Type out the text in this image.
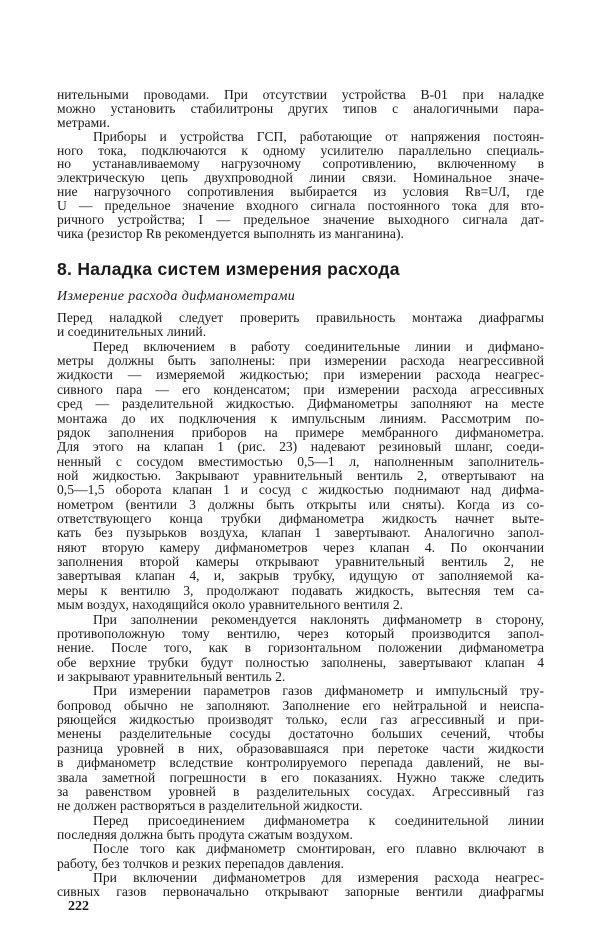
нительными проводами. При отсутствии устройства В-01 при наладке
можно установить стабилитроны других типов с аналогичными пара-
метрами.
Приборы и устройства ГСП, работающие от напряжения постоян-
ного тока, подключаются к одному усилителю параллельно специаль-
но устанавливаемому нагрузочному сопротивлению, включенному в
электрическую цепь двухпроводной линии связи. Номинальное значе-
ние нагрузочного сопротивления выбирается из условия Rв=U/I, где
U — предельное значение входного сигнала постоянного тока для вто-
ричного устройства; I — предельное значение выходного сигнала дат-
чика (резистор Rв рекомендуется выполнять из манганина).
8. Наладка систем измерения расхода
Измерение расхода дифманометрами
Перед наладкой следует проверить правильность монтажа диафрагмы
и соединительных линий.
Перед включением в работу соединительные линии и дифмано-
метры должны быть заполнены: при измерении расхода неагрессивной
жидкости — измеряемой жидкостью; при измерении расхода неагрес-
сивного пара — его конденсатом; при измерении расхода агрессивных
сред — разделительной жидкостью. Дифманометры заполняют на месте
монтажа до их подключения к импульсным линиям. Рассмотрим по-
рядок заполнения приборов на примере мембранного дифманометра.
Для этого на клапан 1 (рис. 23) надевают резиновый шланг, соеди-
ненный с сосудом вместимостью 0,5—1 л, наполненным заполнитель-
ной жидкостью. Закрывают уравнительный вентиль 2, отвертывают на
0,5—1,5 оборота клапан 1 и сосуд с жидкостью поднимают над дифма-
нометром (вентили 3 должны быть открыты или сняты). Когда из со-
ответствующего конца трубки дифманометра жидкость начнет выте-
кать без пузырьков воздуха, клапан 1 завертывают. Аналогично запол-
няют вторую камеру дифманометров через клапан 4. По окончании
заполнения второй камеры открывают уравнительный вентиль 2, не
завертывая клапан 4, и, закрыв трубку, идущую от заполняемой ка-
меры к вентилю 3, продолжают подавать жидкость, вытесняя тем са-
мым воздух, находящийся около уравнительного вентиля 2.
При заполнении рекомендуется наклонять дифманометр в сторону,
противоположную тому вентилю, через который производится запол-
нение. После того, как в горизонтальном положении дифманометра
обе верхние трубки будут полностью заполнены, завертывают клапан 4
и закрывают уравнительный вентиль 2.
При измерении параметров газов дифманометр и импульсный тру-
бопровод обычно не заполняют. Заполнение его нейтральной и неиспа-
ряющейся жидкостью производят только, если газ агрессивный и при-
менены разделительные сосуды достаточно больших сечений, чтобы
разница уровней в них, образовавшаяся при перетоке части жидкости
в дифманометр вследствие контролируемого перепада давлений, не вы-
звала заметной погрешности в его показаниях. Нужно также следить
за равенством уровней в разделительных сосудах. Агрессивный газ
не должен растворяться в разделительной жидкости.
Перед присоединением дифманометра к соединительной линии
последняя должна быть продута сжатым воздухом.
После того как дифманометр смонтирован, его плавно включают в
работу, без толчков и резких перепадов давления.
При включении дифманометров для измерения расхода неагрес-
сивных газов первоначально открывают запорные вентили диафрагмы
222
